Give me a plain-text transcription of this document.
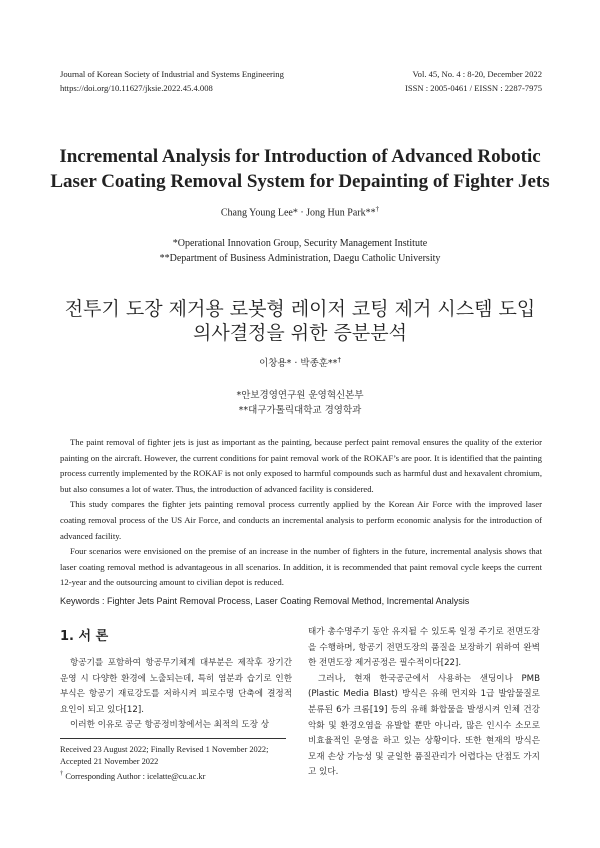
Journal of Korean Society of Industrial and Systems Engineering
https://doi.org/10.11627/jksie.2022.45.4.008
Vol. 45, No. 4 : 8-20, December 2022
ISSN : 2005-0461 / EISSN : 2287-7975
Incremental Analysis for Introduction of Advanced Robotic
Laser Coating Removal System for Depainting of Fighter Jets
Chang Young Lee* · Jong Hun Park**†
*Operational Innovation Group, Security Management Institute
**Department of Business Administration, Daegu Catholic University
전투기 도장 제거용 로봇형 레이저 코팅 제거 시스템 도입
의사결정을 위한 증분분석
이창용* · 박종훈**†
*안보경영연구원 운영혁신본부
**대구가톨릭대학교 경영학과

The paint removal of fighter jets is just as important as the painting, because perfect paint removal ensures the quality of the exterior painting on the aircraft. However, the current conditions for paint removal work of the ROKAF’s are poor. It is identified that the painting process currently implemented by the ROKAF is not only exposed to harmful compounds such as harmful dust and hexavalent chromium, but also consumes a lot of water. Thus, the introduction of advanced facility is considered.

This study compares the fighter jets painting removal process currently applied by the Korean Air Force with the improved laser coating removal process of the US Air Force, and conducts an incremental analysis to perform economic analysis for the introduction of advanced facility.

Four scenarios were envisioned on the premise of an increase in the number of fighters in the future, incremental analysis shows that laser coating removal method is advantageous in all scenarios. In addition, it is recommended that paint removal cycle keeps the current 12-year and the outsourcing amount to civilian depot is reduced.

Keywords : Fighter Jets Paint Removal Process, Laser Coating Removal Method, Incremental Analysis
1. 서 론

항공기를 포함하여 항공무기체계 대부분은 제작후 장기간 운영 시 다양한 환경에 노출되는데, 특히 염분과 습기로 인한 부식은 항공기 재료강도를 저하시켜 피로수명 단축에 결정적 요인이 되고 있다[12].

이러한 이유로 공군 항공정비창에서는 최적의 도장 상

Received 23 August 2022; Finally Revised 1 November 2022;
Accepted 21 November 2022
† Corresponding Author : icelatte@cu.ac.kr

태가 총수명주기 동안 유지될 수 있도록 일정 주기로 전면도장을 수행하며, 항공기 전면도장의 품질을 보장하기 위하여 완벽한 전면도장 제거공정은 필수적이다[22].

그러나, 현재 한국공군에서 사용하는 샌딩이나 PMB (Plastic Media Blast) 방식은 유해 먼지와 1급 발암물질로 분류된 6가 크롬[19] 등의 유해 화합물을 발생시켜 인체 건강 악화 및 환경오염을 유발할 뿐만 아니라, 많은 인시수 소모로 비효율적인 운영을 하고 있는 상황이다. 또한 현재의 방식은 모재 손상 가능성 및 균일한 품질관리가 어렵다는 단점도 가지고 있다.
